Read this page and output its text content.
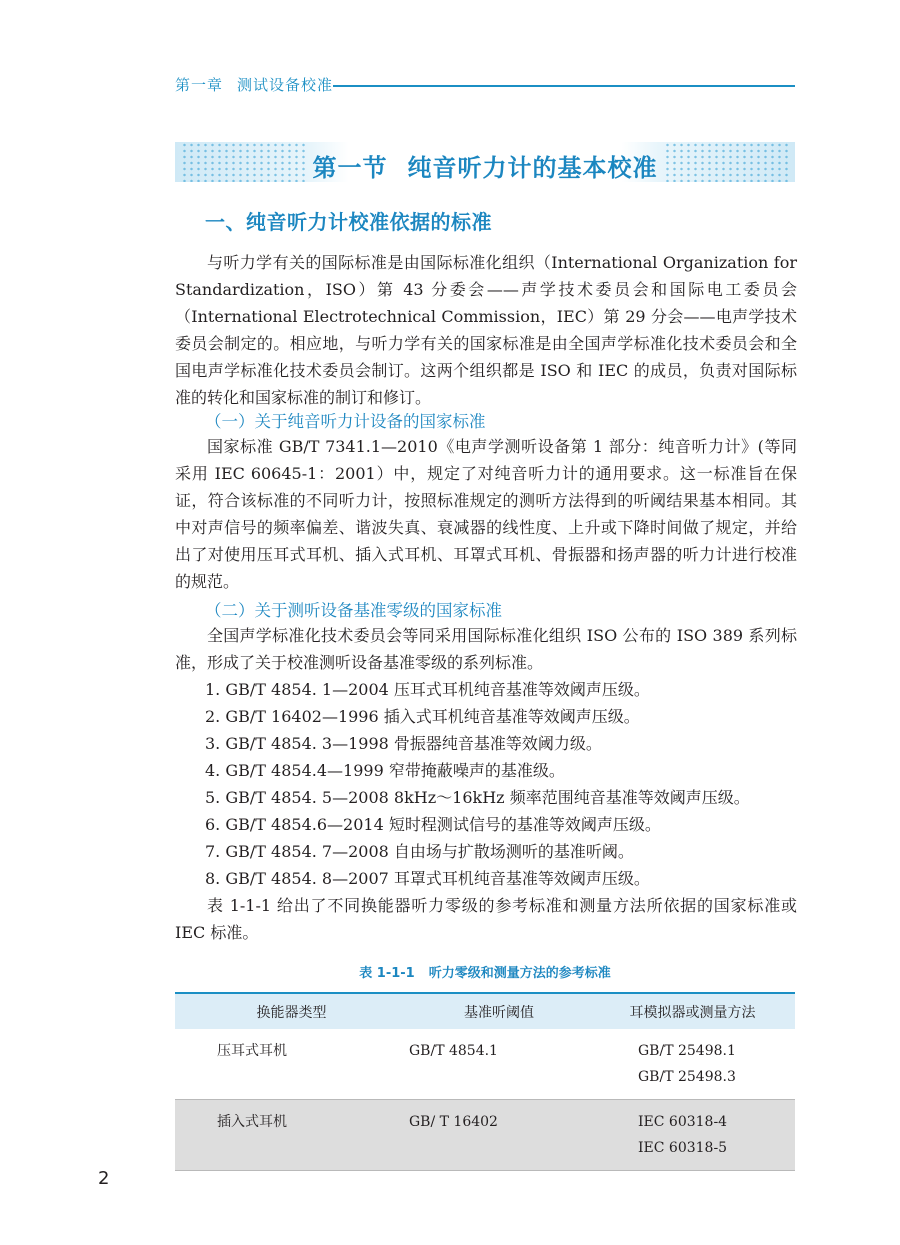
第一章 测试设备校准
第一节 纯音听力计的基本校准
一、纯音听力计校准依据的标准

与听力学有关的国际标准是由国际标准化组织（International Organization for Standardization，ISO）第 43 分委会——声学技术委员会和国际电工委员会（International Electrotechnical Commission，IEC）第 29 分会——电声学技术委员会制定的。相应地，与听力学有关的国家标准是由全国声学标准化技术委员会和全国电声学标准化技术委员会制订。这两个组织都是 ISO 和 IEC 的成员，负责对国际标准的转化和国家标准的制订和修订。

（一）关于纯音听力计设备的国家标准

国家标准 GB/T 7341.1—2010《电声学测听设备第 1 部分：纯音听力计》(等同采用 IEC 60645-1：2001）中，规定了对纯音听力计的通用要求。这一标准旨在保证，符合该标准的不同听力计，按照标准规定的测听方法得到的听阈结果基本相同。其中对声信号的频率偏差、谐波失真、衰减器的线性度、上升或下降时间做了规定，并给出了对使用压耳式耳机、插入式耳机、耳罩式耳机、骨振器和扬声器的听力计进行校准的规范。

（二）关于测听设备基准零级的国家标准

全国声学标准化技术委员会等同采用国际标准化组织 ISO 公布的 ISO 389 系列标准，形成了关于校准测听设备基准零级的系列标准。

1. GB/T 4854. 1—2004 压耳式耳机纯音基准等效阈声压级。
2. GB/T 16402—1996 插入式耳机纯音基准等效阈声压级。
3. GB/T 4854. 3—1998 骨振器纯音基准等效阈力级。
4. GB/T 4854.4—1999 窄带掩蔽噪声的基准级。
5. GB/T 4854. 5—2008 8kHz～16kHz 频率范围纯音基准等效阈声压级。
6. GB/T 4854.6—2014 短时程测试信号的基准等效阈声压级。
7. GB/T 4854. 7—2008 自由场与扩散场测听的基准听阈。
8. GB/T 4854. 8—2007 耳罩式耳机纯音基准等效阈声压级。

表 1-1-1 给出了不同换能器听力零级的参考标准和测量方法所依据的国家标准或 IEC 标准。

表 1-1-1 听力零级和测量方法的参考标准
换能器类型	基准听阈值	耳模拟器或测量方法
压耳式耳机	GB/T 4854.1	GB/T 25498.1
GB/T 25498.3

插入式耳机	GB/ T 16402	IEC 60318-4
IEC 60318-5
2
